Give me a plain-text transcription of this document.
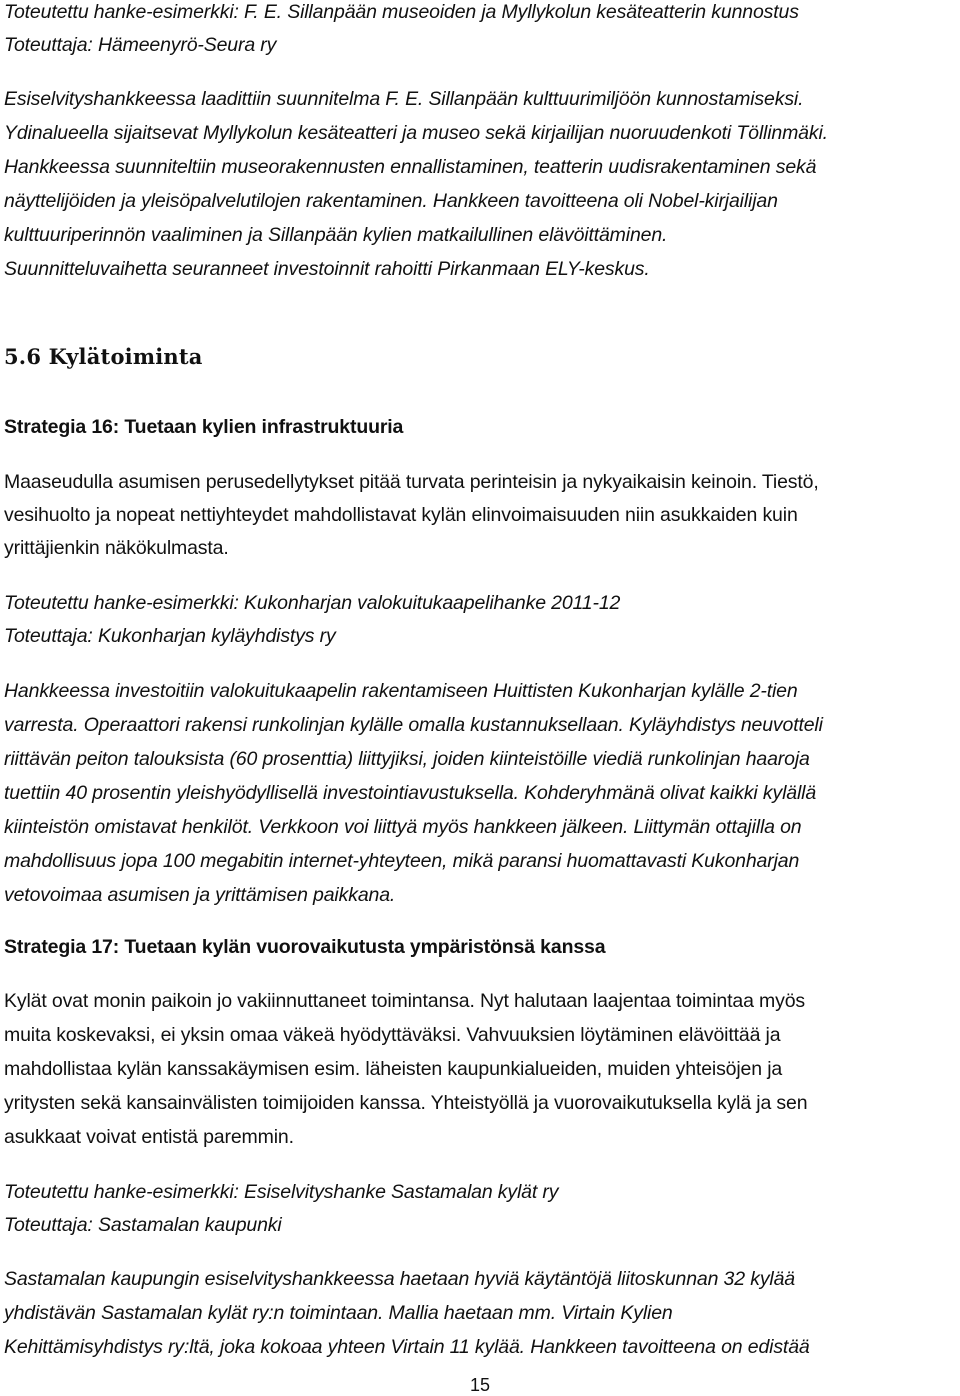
Toteutettu hanke-esimerkki: F. E. Sillanpään museoiden ja Myllykolun kesäteatterin kunnostus
Toteuttaja: Hämeenyrö-Seura ry
Esiselvityshankkeessa laadittiin suunnitelma F. E. Sillanpään kulttuurimiljöön kunnostamiseksi.
Ydinalueella sijaitsevat Myllykolun kesäteatteri ja museo sekä kirjailijan nuoruudenkoti Töllinmäki.
Hankkeessa suunniteltiin museorakennusten ennallistaminen, teatterin uudisrakentaminen sekä
näyttelijöiden ja yleisöpalvelutilojen rakentaminen. Hankkeen tavoitteena oli Nobel-kirjailijan
kulttuuriperinnön vaaliminen ja Sillanpään kylien matkailullinen elävöittäminen.
Suunnitteluvaihetta seuranneet investoinnit rahoitti Pirkanmaan ELY-keskus.
5.6 Kylätoiminta
Strategia 16: Tuetaan kylien infrastruktuuria
Maaseudulla asumisen perusedellytykset pitää turvata perinteisin ja nykyaikaisin keinoin. Tiestö,
vesihuolto ja nopeat nettiyhteydet mahdollistavat kylän elinvoimaisuuden niin asukkaiden kuin
yrittäjienkin näkökulmasta.
Toteutettu hanke-esimerkki: Kukonharjan valokuitukaapelihanke 2011-12
Toteuttaja: Kukonharjan kyläyhdistys ry
Hankkeessa investoitiin valokuitukaapelin rakentamiseen Huittisten Kukonharjan kylälle 2-tien
varresta. Operaattori rakensi runkolinjan kylälle omalla kustannuksellaan. Kyläyhdistys neuvotteli
riittävän peiton talouksista (60 prosenttia) liittyjiksi, joiden kiinteistöille viediä runkolinjan haaroja
tuettiin 40 prosentin yleishyödyllisellä investointiavustuksella. Kohderyhmänä olivat kaikki kylällä
kiinteistön omistavat henkilöt. Verkkoon voi liittyä myös hankkeen jälkeen. Liittymän ottajilla on
mahdollisuus jopa 100 megabitin internet-yhteyteen, mikä paransi huomattavasti Kukonharjan
vetovoimaa asumisen ja yrittämisen paikkana.
Strategia 17: Tuetaan kylän vuorovaikutusta ympäristönsä kanssa
Kylät ovat monin paikoin jo vakiinnuttaneet toimintansa. Nyt halutaan laajentaa toimintaa myös
muita koskevaksi, ei yksin omaa väkeä hyödyttäväksi. Vahvuuksien löytäminen elävöittää ja
mahdollistaa kylän kanssakäymisen esim. läheisten kaupunkialueiden, muiden yhteisöjen ja
yritysten sekä kansainvälisten toimijoiden kanssa. Yhteistyöllä ja vuorovaikutuksella kylä ja sen
asukkaat voivat entistä paremmin.
Toteutettu hanke-esimerkki: Esiselvityshanke Sastamalan kylät ry
Toteuttaja: Sastamalan kaupunki
Sastamalan kaupungin esiselvityshankkeessa haetaan hyviä käytäntöjä liitoskunnan 32 kylää
yhdistävän Sastamalan kylät ry:n toimintaan. Mallia haetaan mm. Virtain Kylien
Kehittämisyhdistys ry:ltä, joka kokoaa yhteen Virtain 11 kylää. Hankkeen tavoitteena on edistää
15
